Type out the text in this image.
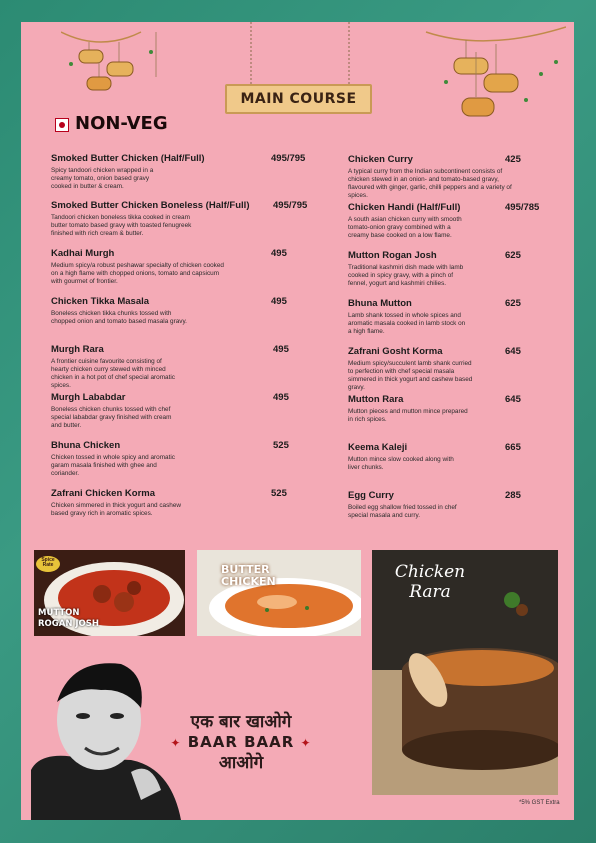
MAIN COURSE
NON-VEG
Smoked Butter Chicken (Half/Full)	495/795
Spicy tandoori chicken wrapped in a creamy tomato, onion based gravy cooked in butter & cream.
Smoked Butter Chicken Boneless (Half/Full)	495/795
Tandoori chicken boneless tikka cooked in cream butter tomato based gravy with toasted fenugreek finished with rich cream & butter.
Kadhai Murgh	495
Medium spicy/a robust peshawar specialty of chicken cooked on a high flame with chopped onions, tomato and capsicum with gourmet of frontier.
Chicken Tikka Masala	495
Boneless chicken tikka chunks tossed with chopped onion and tomato based masala gravy.
Murgh Rara	495
A frontier cuisine favourite consisting of hearty chicken curry stewed with minced chicken in a hot pot of chef special aromatic spices.
Murgh Lababdar	495
Boneless chicken chunks tossed with chef special lababdar gravy finished with cream and butter.
Bhuna Chicken	525
Chicken tossed in whole spicy and aromatic garam masala finished with ghee and coriander.
Zafrani Chicken Korma	525
Chicken simmered in thick yogurt and cashew based gravy rich in aromatic spices.
Chicken Curry	425
A typical curry from the Indian subcontinent consists of chicken stewed in an onion- and tomato-based gravy, flavoured with ginger, garlic, chilli peppers and a variety of spices.
Chicken Handi (Half/Full)	495/785
A south asian chicken curry with smooth tomato-onion gravy combined with a creamy base cooked on a low flame.
Mutton Rogan Josh	625
Traditional kashmiri dish made with lamb cooked in spicy gravy, with a pinch of fennel, yogurt and kashmiri chilies.
Bhuna Mutton	625
Lamb shank tossed in whole spices and aromatic masala cooked in lamb stock on a high flame.
Zafrani Gosht Korma	645
Medium spicy/succulent lamb shank curried to perfection with chef special masala simmered in thick yogurt and cashew based gravy.
Mutton Rara	645
Mutton pieces and mutton mince prepared in rich spices.
Keema Kaleji	665
Mutton mince slow cooked along with liver chunks.
Egg Curry	285
Boiled egg shallow fried tossed in chef special masala and curry.
Spice Rate
MUTTON ROGAN JOSH
BUTTER CHICKEN	Chicken Rara
एक बार खाओगे
✦ BAAR BAAR ✦
आओगे
*5% GST Extra
